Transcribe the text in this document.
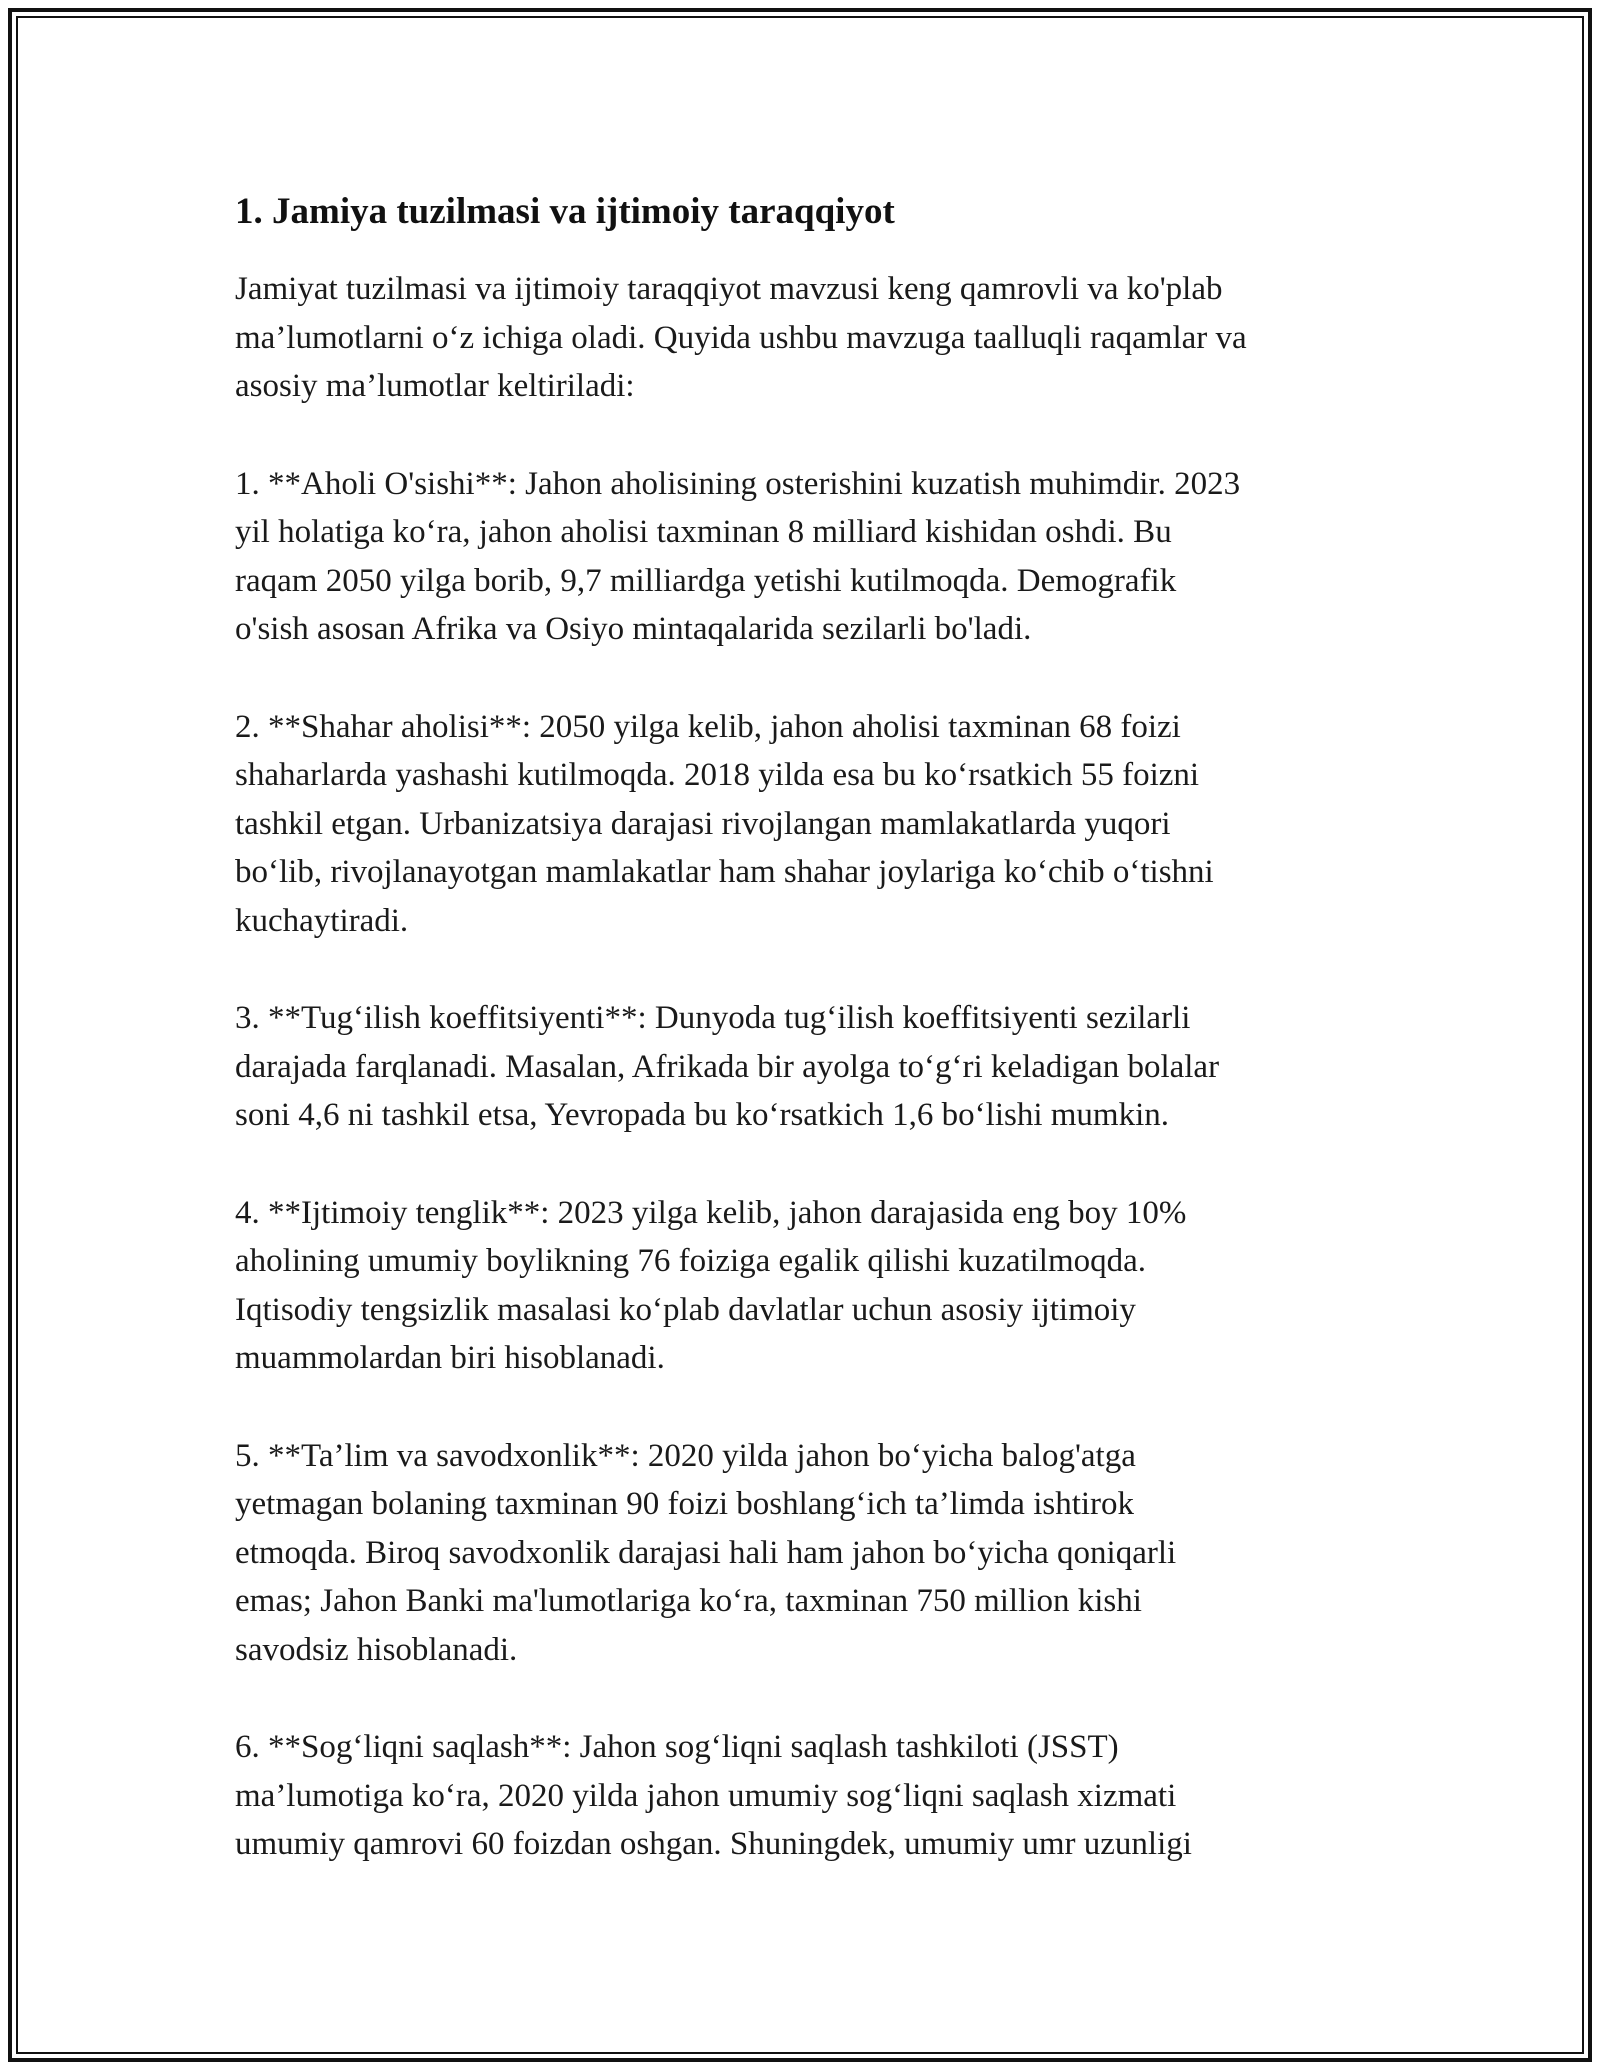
1. Jamiya tuzilmasi va ijtimoiy taraqqiyot

Jamiyat tuzilmasi va ijtimoiy taraqqiyot mavzusi keng qamrovli va ko'plab
ma’lumotlarni o‘z ichiga oladi. Quyida ushbu mavzuga taalluqli raqamlar va
asosiy ma’lumotlar keltiriladi:

1. **Aholi O'sishi**: Jahon aholisining osterishini kuzatish muhimdir. 2023
yil holatiga ko‘ra, jahon aholisi taxminan 8 milliard kishidan oshdi. Bu
raqam 2050 yilga borib, 9,7 milliardga yetishi kutilmoqda. Demografik
o'sish asosan Afrika va Osiyo mintaqalarida sezilarli bo'ladi.

2. **Shahar aholisi**: 2050 yilga kelib, jahon aholisi taxminan 68 foizi
shaharlarda yashashi kutilmoqda. 2018 yilda esa bu ko‘rsatkich 55 foizni
tashkil etgan. Urbanizatsiya darajasi rivojlangan mamlakatlarda yuqori
bo‘lib, rivojlanayotgan mamlakatlar ham shahar joylariga ko‘chib o‘tishni
kuchaytiradi.

3. **Tug‘ilish koeffitsiyenti**: Dunyoda tug‘ilish koeffitsiyenti sezilarli
darajada farqlanadi. Masalan, Afrikada bir ayolga to‘g‘ri keladigan bolalar
soni 4,6 ni tashkil etsa, Yevropada bu ko‘rsatkich 1,6 bo‘lishi mumkin.

4. **Ijtimoiy tenglik**: 2023 yilga kelib, jahon darajasida eng boy 10%
aholining umumiy boylikning 76 foiziga egalik qilishi kuzatilmoqda.
Iqtisodiy tengsizlik masalasi ko‘plab davlatlar uchun asosiy ijtimoiy
muammolardan biri hisoblanadi.

5. **Ta’lim va savodxonlik**: 2020 yilda jahon bo‘yicha balog'atga
yetmagan bolaning taxminan 90 foizi boshlang‘ich ta’limda ishtirok
etmoqda. Biroq savodxonlik darajasi hali ham jahon bo‘yicha qoniqarli
emas; Jahon Banki ma'lumotlariga ko‘ra, taxminan 750 million kishi
savodsiz hisoblanadi.

6. **Sog‘liqni saqlash**: Jahon sog‘liqni saqlash tashkiloti (JSST)
ma’lumotiga ko‘ra, 2020 yilda jahon umumiy sog‘liqni saqlash xizmati
umumiy qamrovi 60 foizdan oshgan. Shuningdek, umumiy umr uzunligi
